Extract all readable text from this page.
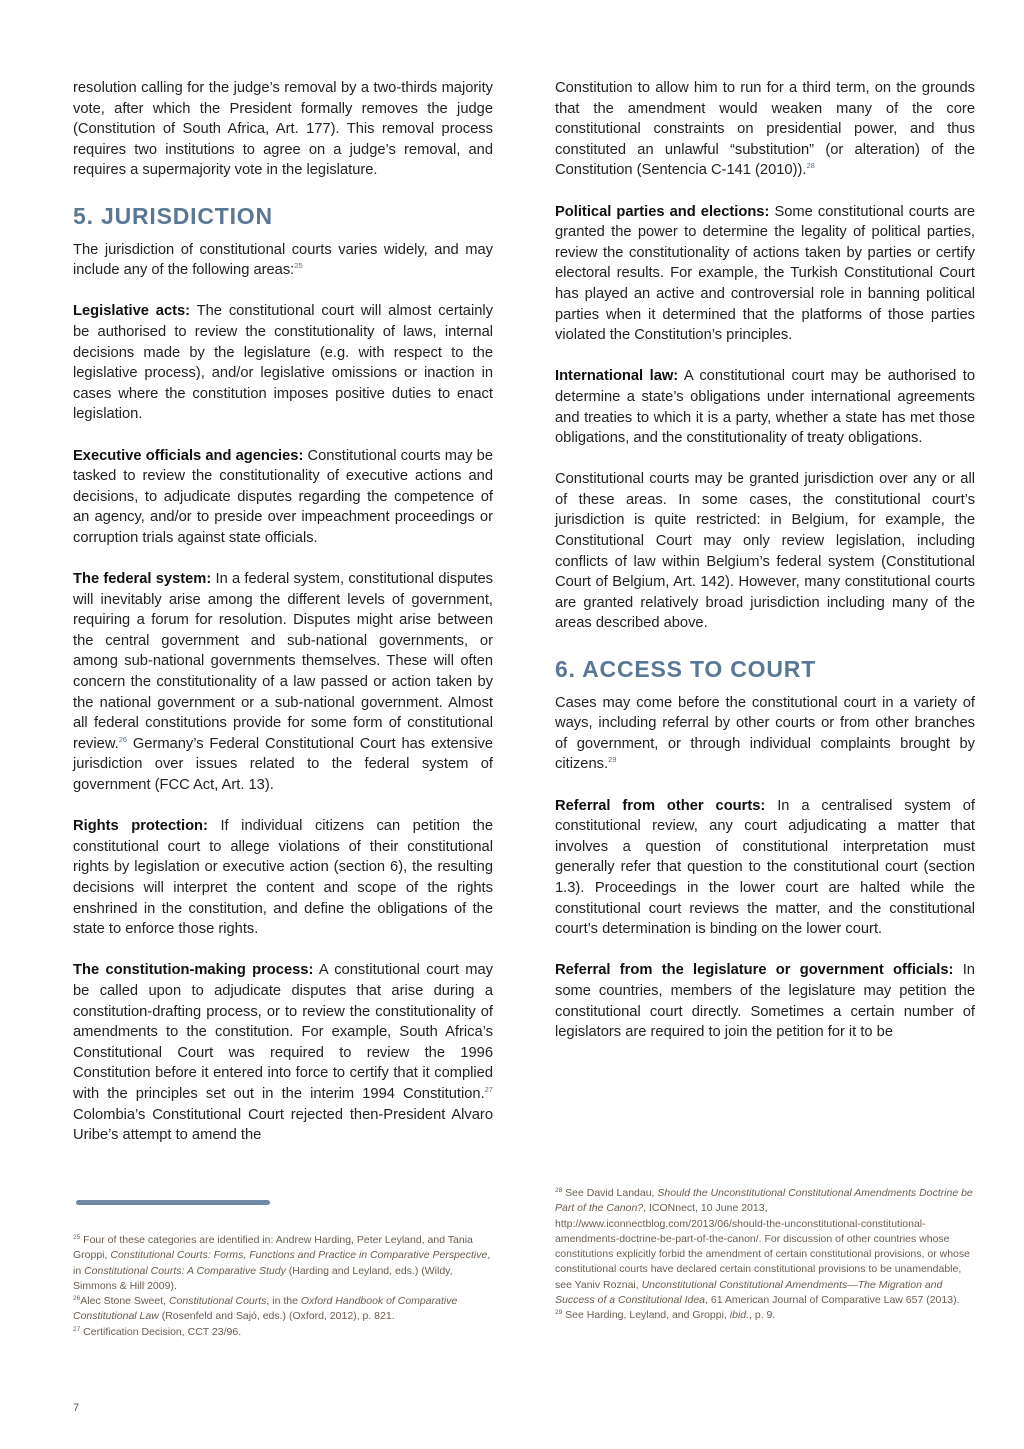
resolution calling for the judge’s removal by a two-thirds majority vote, after which the President formally removes the judge (Constitution of South Africa, Art. 177). This removal process requires two institutions to agree on a judge’s removal, and requires a supermajority vote in the legislature.

5. JURISDICTION

The jurisdiction of constitutional courts varies widely, and may include any of the following areas:$^{25}$

Legislative acts: The constitutional court will almost certainly be authorised to review the constitutionality of laws, internal decisions made by the legislature (e.g. with respect to the legislative process), and/or legislative omissions or inaction in cases where the constitution imposes positive duties to enact legislation.

Executive officials and agencies: Constitutional courts may be tasked to review the constitutionality of executive actions and decisions, to adjudicate disputes regarding the competence of an agency, and/or to preside over impeachment proceedings or corruption trials against state officials.

The federal system: In a federal system, constitutional disputes will inevitably arise among the different levels of government, requiring a forum for resolution. Disputes might arise between the central government and sub-national governments, or among sub-national governments themselves. These will often concern the constitutionality of a law passed or action taken by the national government or a sub-national government. Almost all federal constitutions provide for some form of constitutional review.$^{26}$ Germany’s Federal Constitutional Court has extensive jurisdiction over issues related to the federal system of government (FCC Act, Art. 13).

Rights protection: If individual citizens can petition the constitutional court to allege violations of their constitutional rights by legislation or executive action (section 6), the resulting decisions will interpret the content and scope of the rights enshrined in the constitution, and define the obligations of the state to enforce those rights.

The constitution-making process: A constitutional court may be called upon to adjudicate disputes that arise during a constitution-drafting process, or to review the constitutionality of amendments to the constitution. For example, South Africa’s Constitutional Court was required to review the 1996 Constitution before it entered into force to certify that it complied with the principles set out in the interim 1994 Constitution.$^{27}$ Colombia’s Constitutional Court rejected then-President Alvaro Uribe’s attempt to amend the

Constitution to allow him to run for a third term, on the grounds that the amendment would weaken many of the core constitutional constraints on presidential power, and thus constituted an unlawful “substitution” (or alteration) of the Constitution (Sentencia C-141 (2010)).$^{28}$

Political parties and elections: Some constitutional courts are granted the power to determine the legality of political parties, review the constitutionality of actions taken by parties or certify electoral results. For example, the Turkish Constitutional Court has played an active and controversial role in banning political parties when it determined that the platforms of those parties violated the Constitution’s principles.

International law: A constitutional court may be authorised to determine a state’s obligations under international agreements and treaties to which it is a party, whether a state has met those obligations, and the constitutionality of treaty obligations.

Constitutional courts may be granted jurisdiction over any or all of these areas. In some cases, the constitutional court’s jurisdiction is quite restricted: in Belgium, for example, the Constitutional Court may only review legislation, including conflicts of law within Belgium’s federal system (Constitutional Court of Belgium, Art. 142). However, many constitutional courts are granted relatively broad jurisdiction including many of the areas described above.

6. ACCESS TO COURT

Cases may come before the constitutional court in a variety of ways, including referral by other courts or from other branches of government, or through individual complaints brought by citizens.$^{29}$

Referral from other courts: In a centralised system of constitutional review, any court adjudicating a matter that involves a question of constitutional interpretation must generally refer that question to the constitutional court (section 1.3). Proceedings in the lower court are halted while the constitutional court reviews the matter, and the constitutional court’s determination is binding on the lower court.

Referral from the legislature or government officials: In some countries, members of the legislature may petition the constitutional court directly. Sometimes a certain number of legislators are required to join the petition for it to be

$^{25}$ Four of these categories are identified in: Andrew Harding, Peter Leyland, and Tania Groppi, Constitutional Courts: Forms, Functions and Practice in Comparative Perspective, in Constitutional Courts: A Comparative Study (Harding and Leyland, eds.) (Wildy, Simmons & Hill 2009).

$^{26}$Alec Stone Sweet, Constitutional Courts, in the Oxford Handbook of Comparative Constitutional Law (Rosenfeld and Sajó, eds.) (Oxford, 2012), p. 821.

$^{27}$ Certification Decision, CCT 23/96.

$^{28}$ See David Landau, Should the Unconstitutional Constitutional Amendments Doctrine be Part of the Canon?, ICONnect, 10 June 2013, http://www.iconnectblog.com/2013/06/should-the-unconstitutional-constitutional-amendments-doctrine-be-part-of-the-canon/. For discussion of other countries whose constitutions explicitly forbid the amendment of certain constitutional provisions, or whose constitutional courts have declared certain constitutional provisions to be unamendable, see Yaniv Roznai, Unconstitutional Constitutional Amendments—The Migration and Success of a Constitutional Idea, 61 American Journal of Comparative Law 657 (2013).

$^{29}$ See Harding, Leyland, and Groppi, ibid., p. 9.

7
